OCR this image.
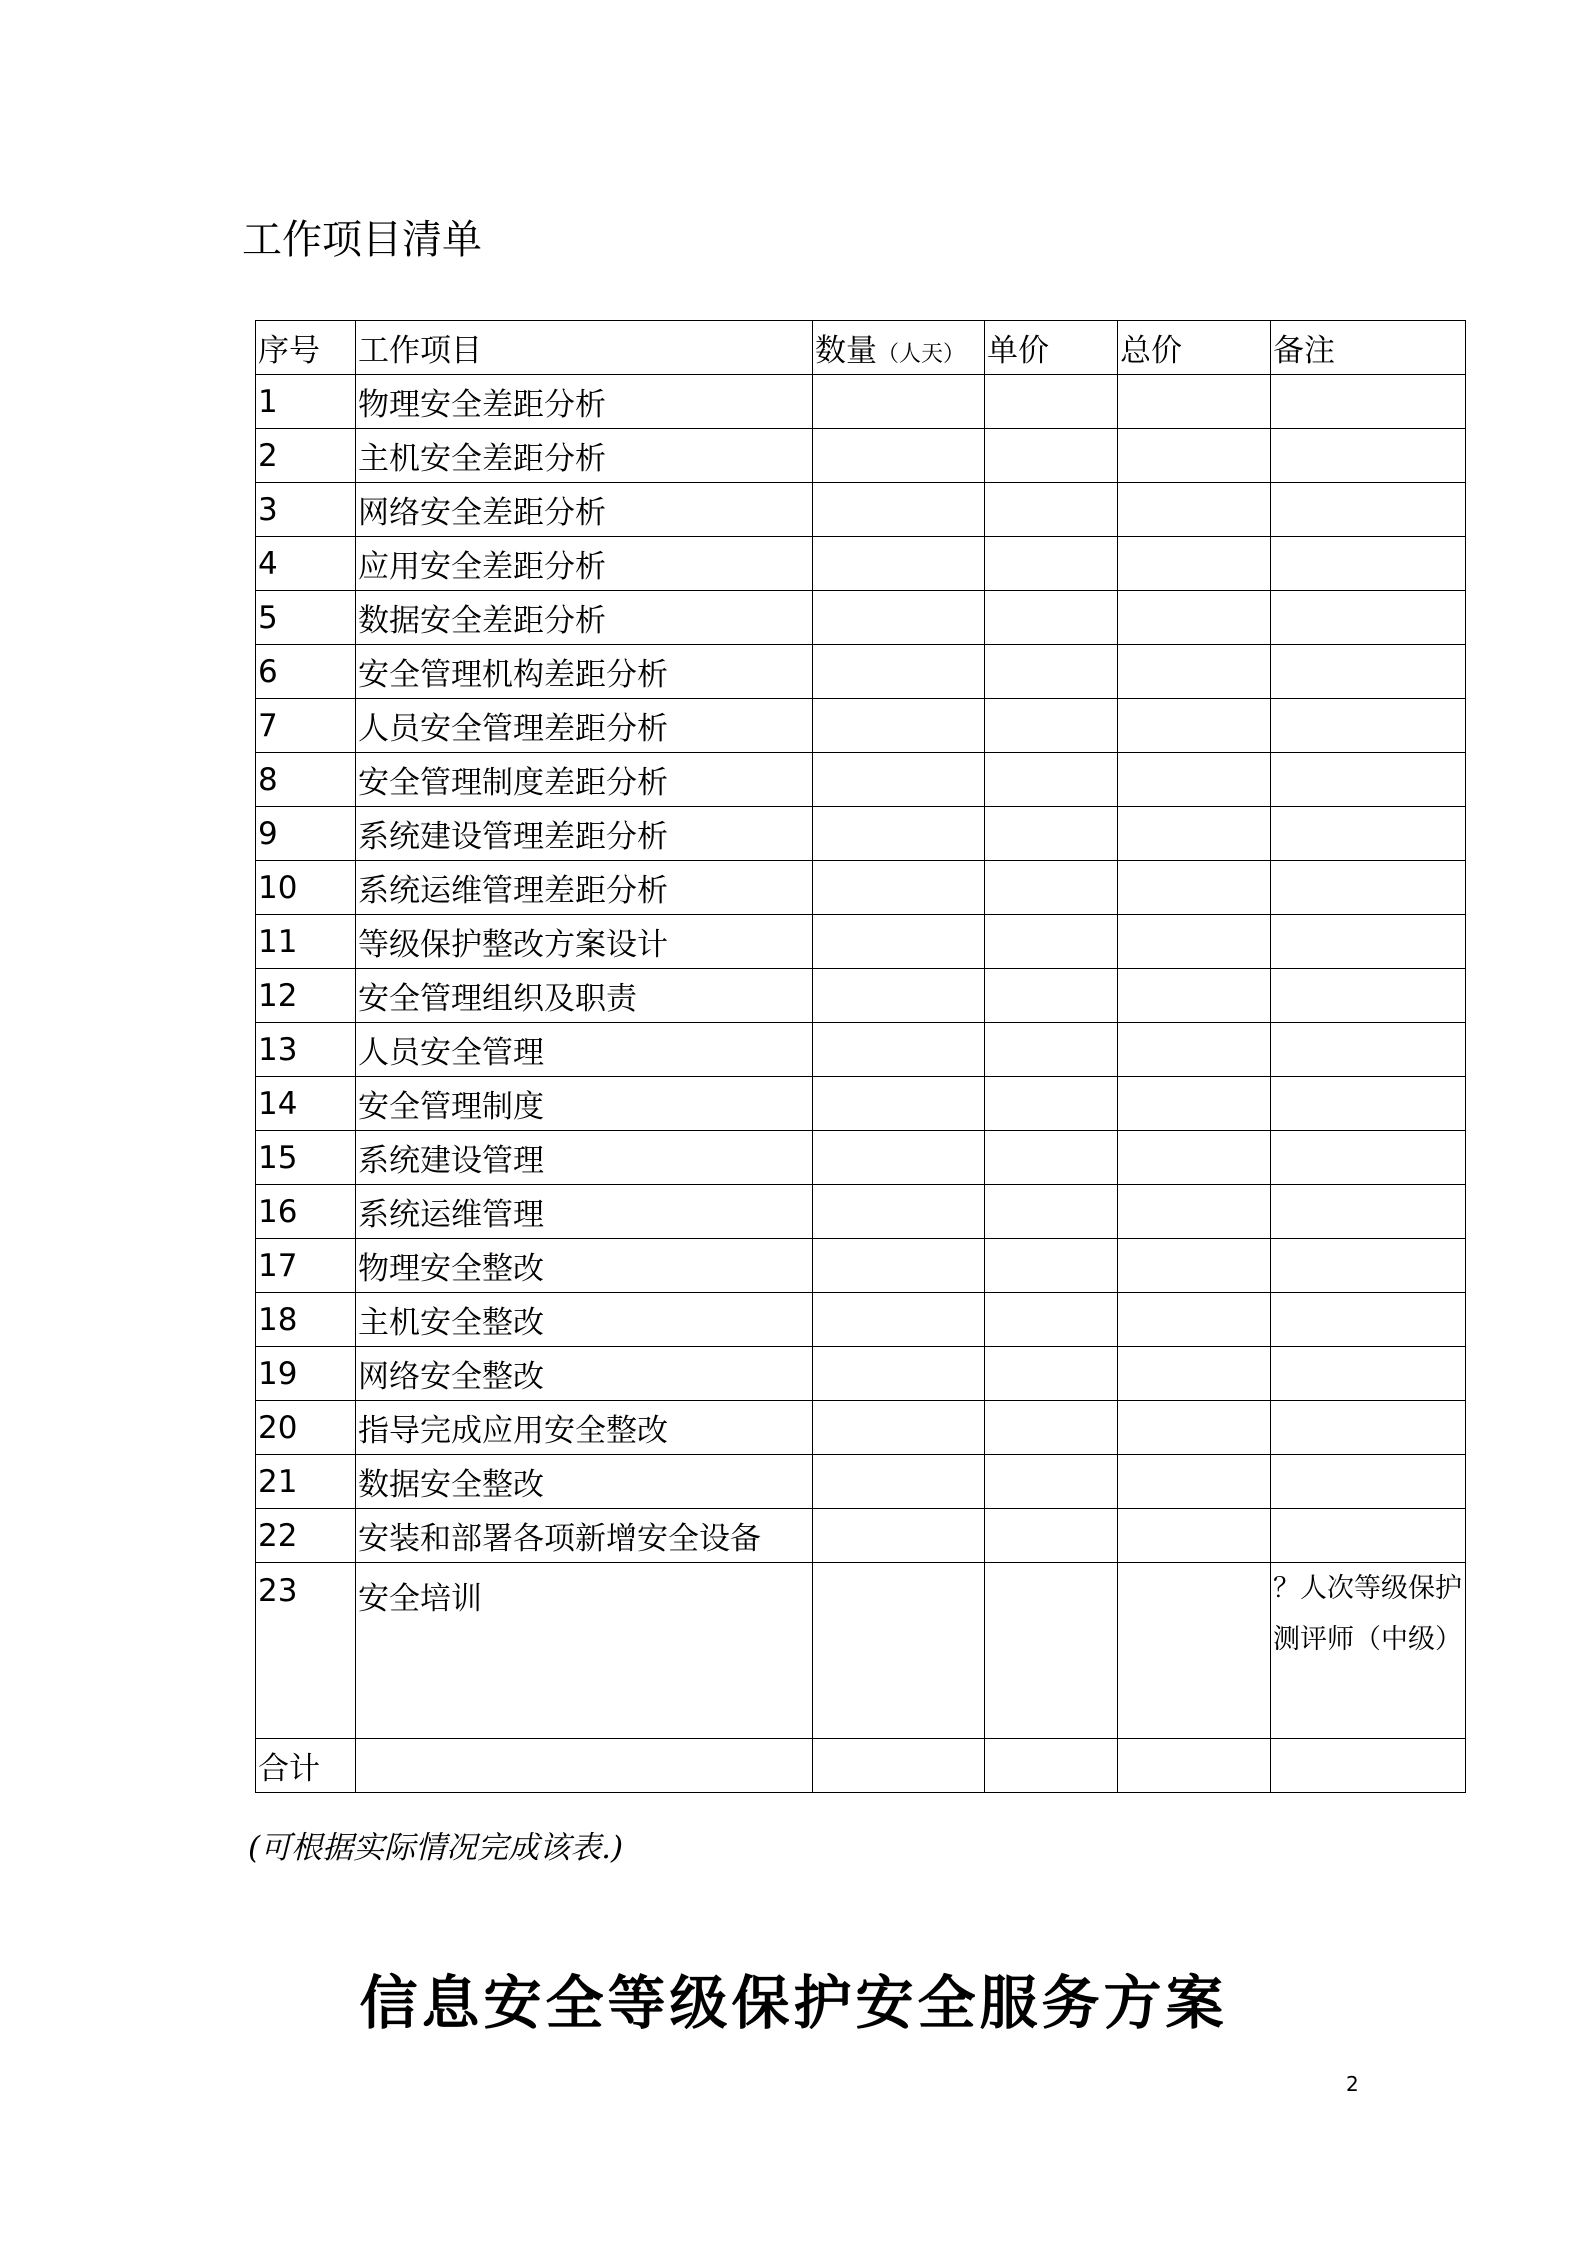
工作项目清单
序号	工作项目	数量（人天）	单价	总价	备注
1	物理安全差距分析				
2	主机安全差距分析				
3	网络安全差距分析				
4	应用安全差距分析				
5	数据安全差距分析				
6	安全管理机构差距分析				
7	人员安全管理差距分析				
8	安全管理制度差距分析				
9	系统建设管理差距分析				
10	系统运维管理差距分析				
11	等级保护整改方案设计				
12	安全管理组织及职责				
13	人员安全管理				
14	安全管理制度				
15	系统建设管理				
16	系统运维管理				
17	物理安全整改				
18	主机安全整改				
19	网络安全整改				
20	指导完成应用安全整改				
21	数据安全整改				
22	安装和部署各项新增安全设备				
23	安全培训				？人次等级保护测评师（中级）
合计					
(可根据实际情况完成该表.)
信息安全等级保护安全服务方案
2
